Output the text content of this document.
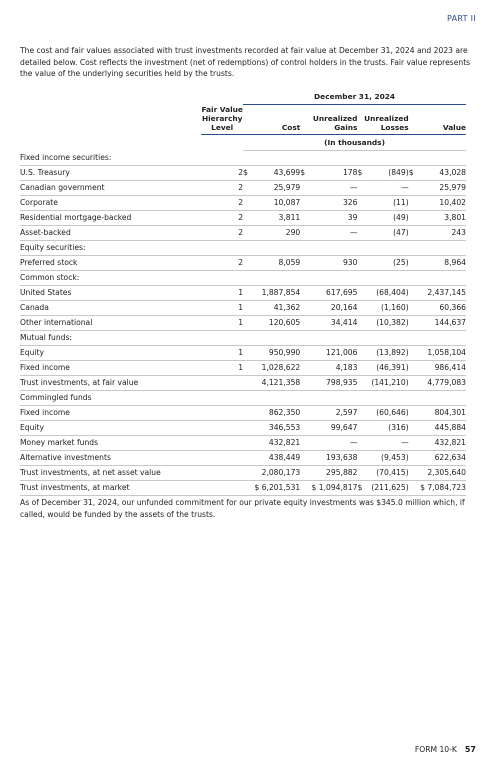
PART II

The cost and fair values associated with trust investments recorded at fair value at December 31, 2024 and 2023 are detailed below. Cost reflects the investment (net of redemptions) of control holders in the trusts. Fair value represents the value of the underlying securities held by the trusts.

		December 31, 2024							
	Fair Value Hierarchy Level	Cost		Unrealized Gains		Unrealized Losses		Value	
		(In thousands)							
Fixed income securities:									
U.S. Treasury	2	$	43,699	$	178	$	(849)	$	43,028
Canadian government	2		25,979		—		—		25,979
Corporate	2		10,087		326		(11)		10,402
Residential mortgage-backed	2		3,811		39		(49)		3,801
Asset-backed	2		290		—		(47)		243
Equity securities:									
Preferred stock	2		8,059		930		(25)		8,964
Common stock:									
United States	1		1,887,854		617,695		(68,404)		2,437,145
Canada	1		41,362		20,164		(1,160)		60,366
Other international	1		120,605		34,414		(10,382)		144,637
Mutual funds:									
Equity	1		950,990		121,006		(13,892)		1,058,104
Fixed income	1		1,028,622		4,183		(46,391)		986,414
Trust investments, at fair value			4,121,358		798,935		(141,210)		4,779,083
Commingled funds									
Fixed income			862,350		2,597		(60,646)		804,301
Equity			346,553		99,647		(316)		445,884
Money market funds			432,821		—		—		432,821
Alternative investments			438,449		193,638		(9,453)		622,634
Trust investments, at net asset value			2,080,173		295,882		(70,415)		2,305,640
Trust investments, at market			$ 6,201,531		$ 1,094,817	$	(211,625)		$ 7,084,723

As of December 31, 2024, our unfunded commitment for our private equity investments was $345.0 million which, if called, would be funded by the assets of the trusts.

FORM 10-K 57
